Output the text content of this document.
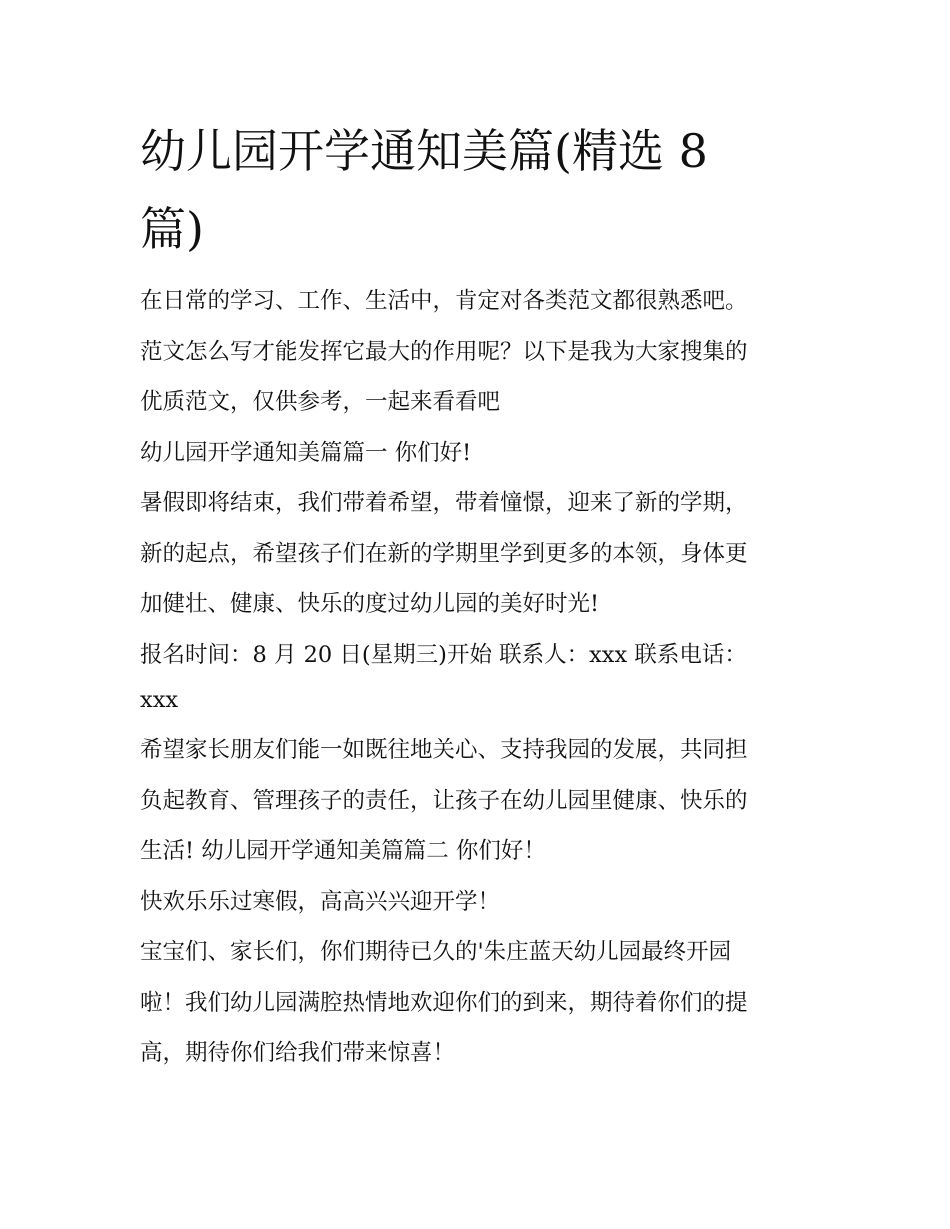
幼儿园开学通知美篇(精选 8 篇)

在日常的学习、工作、生活中，肯定对各类范文都很熟悉吧。

范文怎么写才能发挥它最大的作用呢？以下是我为大家搜集的

优质范文，仅供参考，一起来看看吧

幼儿园开学通知美篇篇一 你们好!

暑假即将结束，我们带着希望，带着憧憬，迎来了新的学期，

新的起点，希望孩子们在新的学期里学到更多的本领，身体更

加健壮、健康、快乐的度过幼儿园的美好时光!

报名时间：8 月 20 日(星期三)开始 联系人：xxx 联系电话：

xxx

希望家长朋友们能一如既往地关心、支持我园的发展，共同担

负起教育、管理孩子的责任，让孩子在幼儿园里健康、快乐的

生活! 幼儿园开学通知美篇篇二 你们好！

快欢乐乐过寒假，高高兴兴迎开学！

宝宝们、家长们，你们期待已久的'朱庄蓝天幼儿园最终开园

啦！我们幼儿园满腔热情地欢迎你们的到来，期待着你们的提

高，期待你们给我们带来惊喜！
